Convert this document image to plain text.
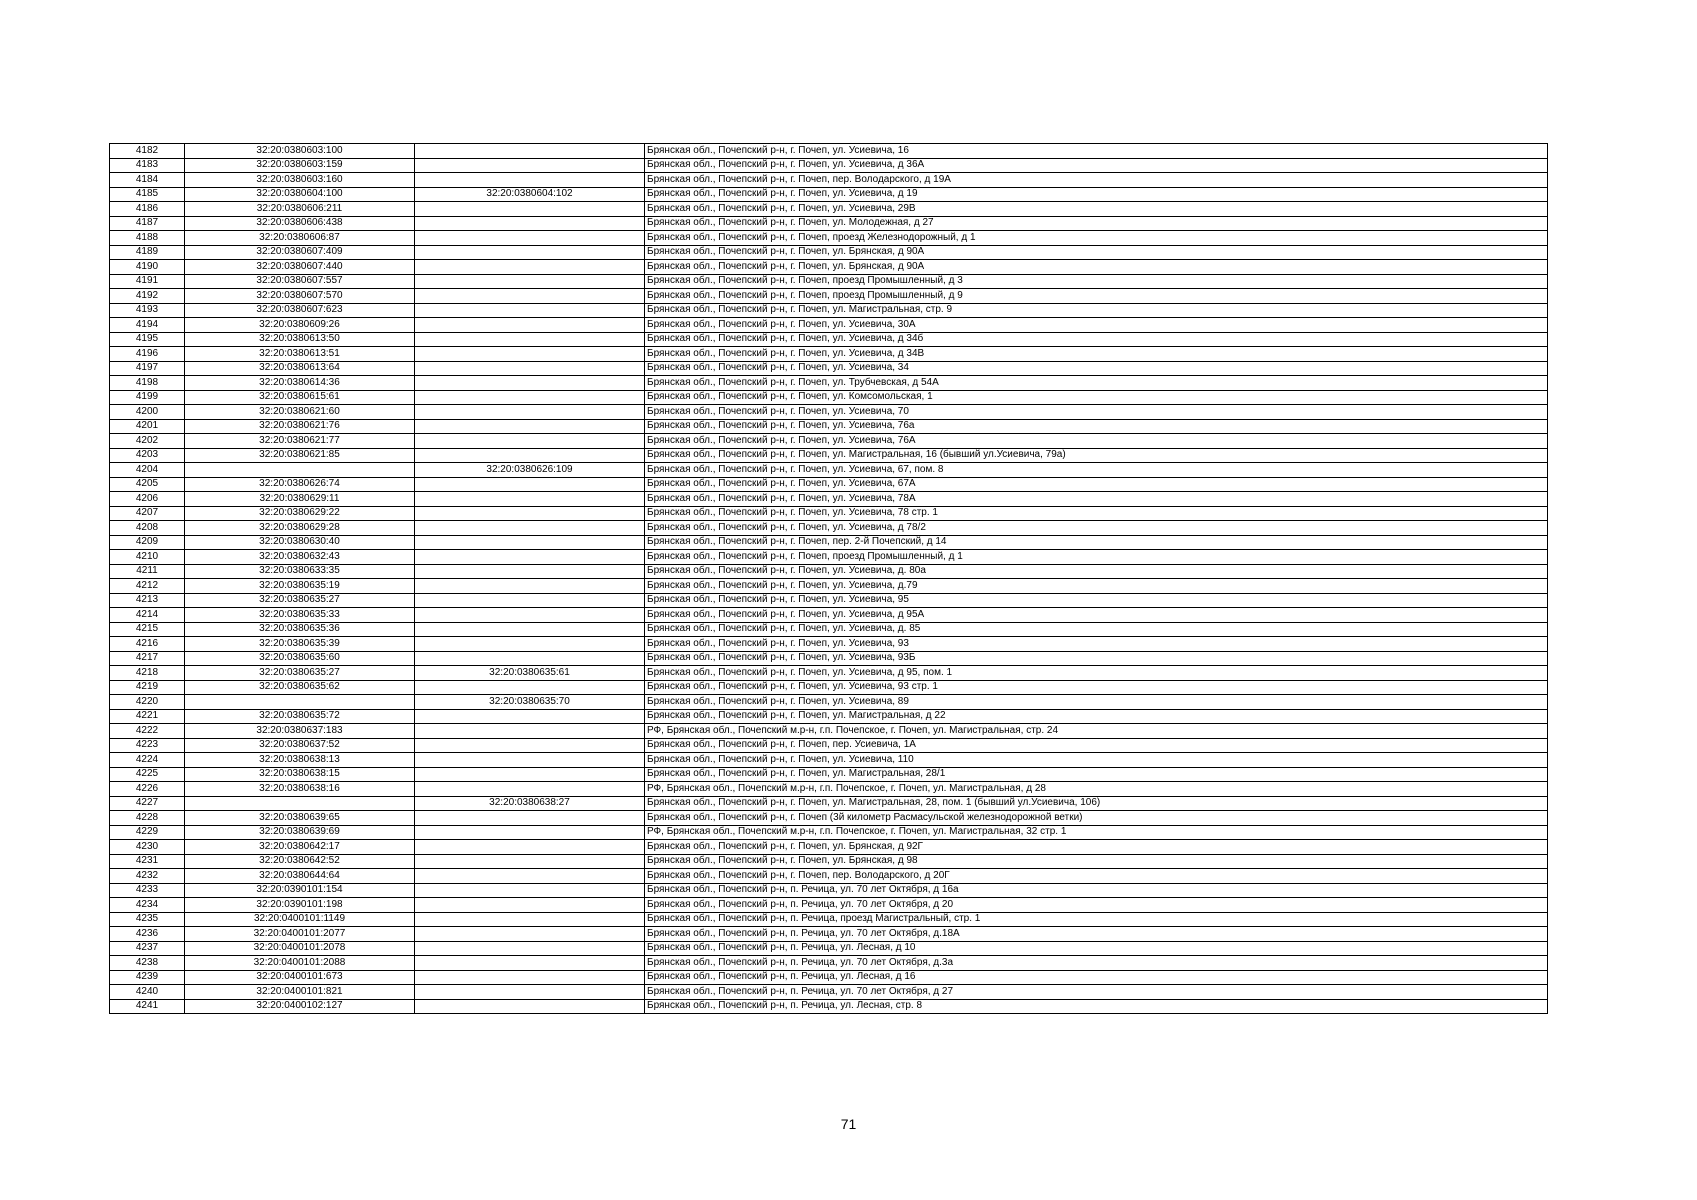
4182	32:20:0380603:100		Брянская обл., Почепский р-н, г. Почеп, ул. Усиевича, 16
4183	32:20:0380603:159		Брянская обл., Почепский р-н, г. Почеп, ул. Усиевича, д 36А
4184	32:20:0380603:160		Брянская обл., Почепский р-н, г. Почеп, пер. Володарского, д 19А
4185	32:20:0380604:100	32:20:0380604:102	Брянская обл., Почепский р-н, г. Почеп, ул. Усиевича, д 19
4186	32:20:0380606:211		Брянская обл., Почепский р-н, г. Почеп, ул. Усиевича, 29В
4187	32:20:0380606:438		Брянская обл., Почепский р-н, г. Почеп, ул. Молодежная, д 27
4188	32:20:0380606:87		Брянская обл., Почепский р-н, г. Почеп, проезд Железнодорожный, д 1
4189	32:20:0380607:409		Брянская обл., Почепский р-н, г. Почеп, ул. Брянская, д 90А
4190	32:20:0380607:440		Брянская обл., Почепский р-н, г. Почеп, ул. Брянская, д 90А
4191	32:20:0380607:557		Брянская обл., Почепский р-н, г. Почеп, проезд Промышленный, д 3
4192	32:20:0380607:570		Брянская обл., Почепский р-н, г. Почеп, проезд Промышленный, д 9
4193	32:20:0380607:623		Брянская обл., Почепский р-н, г. Почеп, ул. Магистральная, стр. 9
4194	32:20:0380609:26		Брянская обл., Почепский р-н, г. Почеп, ул. Усиевича, 30А
4195	32:20:0380613:50		Брянская обл., Почепский р-н, г. Почеп, ул. Усиевича, д 34б
4196	32:20:0380613:51		Брянская обл., Почепский р-н, г. Почеп, ул. Усиевича, д 34В
4197	32:20:0380613:64		Брянская обл., Почепский р-н, г. Почеп, ул. Усиевича, 34
4198	32:20:0380614:36		Брянская обл., Почепский р-н, г. Почеп, ул. Трубчевская, д 54А
4199	32:20:0380615:61		Брянская обл., Почепский р-н, г. Почеп, ул. Комсомольская, 1
4200	32:20:0380621:60		Брянская обл., Почепский р-н, г. Почеп, ул. Усиевича, 70
4201	32:20:0380621:76		Брянская обл., Почепский р-н, г. Почеп, ул. Усиевича, 76а
4202	32:20:0380621:77		Брянская обл., Почепский р-н, г. Почеп, ул. Усиевича, 76А
4203	32:20:0380621:85		Брянская обл., Почепский р-н, г. Почеп, ул. Магистральная, 16 (бывший ул.Усиевича, 79а)
4204		32:20:0380626:109	Брянская обл., Почепский р-н, г. Почеп, ул. Усиевича, 67, пом. 8
4205	32:20:0380626:74		Брянская обл., Почепский р-н, г. Почеп, ул. Усиевича, 67А
4206	32:20:0380629:11		Брянская обл., Почепский р-н, г. Почеп, ул. Усиевича, 78А
4207	32:20:0380629:22		Брянская обл., Почепский р-н, г. Почеп, ул. Усиевича, 78 стр. 1
4208	32:20:0380629:28		Брянская обл., Почепский р-н, г. Почеп, ул. Усиевича, д 78/2
4209	32:20:0380630:40		Брянская обл., Почепский р-н, г. Почеп, пер. 2-й Почепский, д 14
4210	32:20:0380632:43		Брянская обл., Почепский р-н, г. Почеп, проезд Промышленный, д 1
4211	32:20:0380633:35		Брянская обл., Почепский р-н, г. Почеп, ул. Усиевича, д. 80а
4212	32:20:0380635:19		Брянская обл., Почепский р-н, г. Почеп, ул. Усиевича, д.79
4213	32:20:0380635:27		Брянская обл., Почепский р-н, г. Почеп, ул. Усиевича, 95
4214	32:20:0380635:33		Брянская обл., Почепский р-н, г. Почеп, ул. Усиевича, д 95А
4215	32:20:0380635:36		Брянская обл., Почепский р-н, г. Почеп, ул. Усиевича, д. 85
4216	32:20:0380635:39		Брянская обл., Почепский р-н, г. Почеп, ул. Усиевича, 93
4217	32:20:0380635:60		Брянская обл., Почепский р-н, г. Почеп, ул. Усиевича, 93Б
4218	32:20:0380635:27	32:20:0380635:61	Брянская обл., Почепский р-н, г. Почеп, ул. Усиевича, д 95, пом. 1
4219	32:20:0380635:62		Брянская обл., Почепский р-н, г. Почеп, ул. Усиевича, 93 стр. 1
4220		32:20:0380635:70	Брянская обл., Почепский р-н, г. Почеп, ул. Усиевича, 89
4221	32:20:0380635:72		Брянская обл., Почепский р-н, г. Почеп, ул. Магистральная, д 22
4222	32:20:0380637:183		РФ, Брянская обл., Почепский м.р-н, г.п. Почепское, г. Почеп, ул. Магистральная, стр. 24
4223	32:20:0380637:52		Брянская обл., Почепский р-н, г. Почеп, пер. Усиевича, 1А
4224	32:20:0380638:13		Брянская обл., Почепский р-н, г. Почеп, ул. Усиевича, 110
4225	32:20:0380638:15		Брянская обл., Почепский р-н, г. Почеп, ул. Магистральная, 28/1
4226	32:20:0380638:16		РФ, Брянская обл., Почепский м.р-н, г.п. Почепское, г. Почеп, ул. Магистральная, д 28
4227		32:20:0380638:27	Брянская обл., Почепский р-н, г. Почеп, ул. Магистральная, 28, пом. 1 (бывший ул.Усиевича, 106)
4228	32:20:0380639:65		Брянская обл., Почепский р-н, г. Почеп (3й километр Расмасульской железнодорожной ветки)
4229	32:20:0380639:69		РФ, Брянская обл., Почепский м.р-н, г.п. Почепское, г. Почеп, ул. Магистральная, 32 стр. 1
4230	32:20:0380642:17		Брянская обл., Почепский р-н, г. Почеп, ул. Брянская, д 92Г
4231	32:20:0380642:52		Брянская обл., Почепский р-н, г. Почеп, ул. Брянская, д 98
4232	32:20:0380644:64		Брянская обл., Почепский р-н, г. Почеп, пер. Володарского, д 20Г
4233	32:20:0390101:154		Брянская обл., Почепский р-н, п. Речица, ул. 70 лет Октября, д 16а
4234	32:20:0390101:198		Брянская обл., Почепский р-н, п. Речица, ул. 70 лет Октября, д 20
4235	32:20:0400101:1149		Брянская обл., Почепский р-н, п. Речица, проезд Магистральный, стр. 1
4236	32:20:0400101:2077		Брянская обл., Почепский р-н, п. Речица, ул. 70 лет Октября, д.18А
4237	32:20:0400101:2078		Брянская обл., Почепский р-н, п. Речица, ул. Лесная, д 10
4238	32:20:0400101:2088		Брянская обл., Почепский р-н, п. Речица, ул. 70 лет Октября, д.3а
4239	32:20:0400101:673		Брянская обл., Почепский р-н, п. Речица, ул. Лесная, д 16
4240	32:20:0400101:821		Брянская обл., Почепский р-н, п. Речица, ул. 70 лет Октября, д 27
4241	32:20:0400102:127		Брянская обл., Почепский р-н, п. Речица, ул. Лесная, стр. 8
71
